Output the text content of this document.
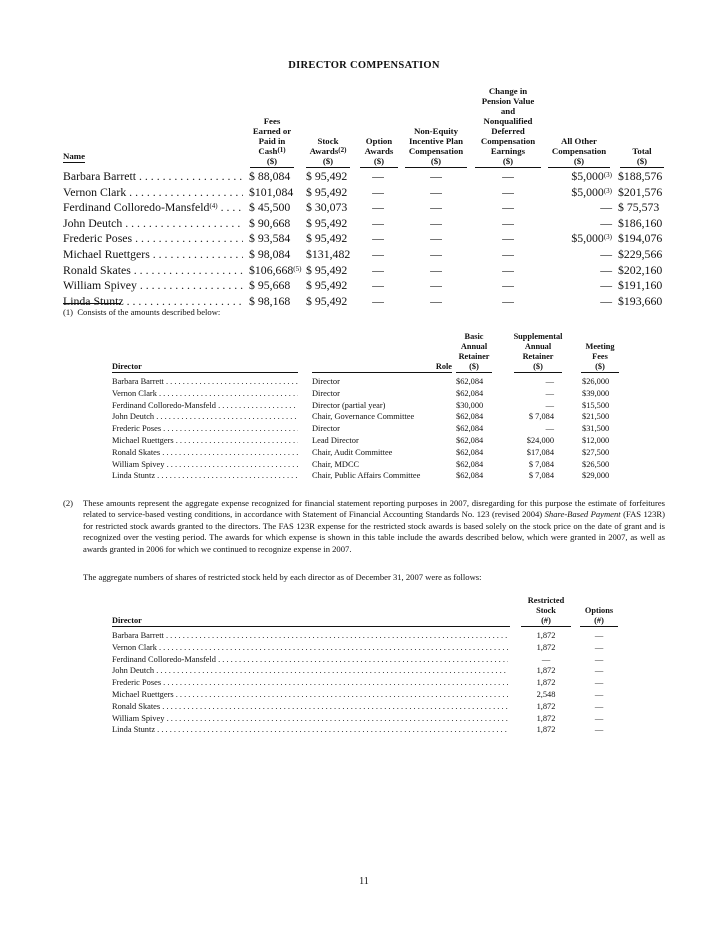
DIRECTOR COMPENSATION
Name
Fees
Earned or
Paid in
Cash$^{(1)}$
($)
Stock
Awards$^{(2)}$
($)
Option
Awards
($)
Non-Equity
Incentive Plan
Compensation
($)
Change in
Pension Value
and
Nonqualified
Deferred
Compensation
Earnings
($)
All Other
Compensation
($)
Total
($)
Barbara Barrett . . .	$ 88,084	$ 95,492	—	—	—	$5,000$^{(3)}$ $188,576
Vernon Clark . . .	$101,084	$ 95,492	—	—	—	$5,000$^{(3)}$ $201,576
Ferdinand Colloredo-Mansfeld$^{(4)}$ . . .	$ 45,500	$ 30,073	—	—	—	— $ 75,573
John Deutch . . .	$ 90,668	$ 95,492	—	—	—	— $186,160
Frederic Poses . . .	$ 93,584	$ 95,492	—	—	—	$5,000$^{(3)}$ $194,076
Michael Ruettgers . . .	$ 98,084	$131,482	—	—	—	— $229,566
Ronald Skates . . .	$106,668$^{(5)}$ $ 95,492	—	—	—	— $202,160
William Spivey . . .	$ 95,668	$ 95,492	—	—	—	— $191,160
Linda Stuntz . . .	$ 98,168	$ 95,492	—	—	—	— $193,660
(1) Consists of the amounts described below:
Director	Role
Basic
Annual
Retainer
($)
Supplemental
Annual
Retainer
($)
Meeting
Fees
($)
Barbara Barrett . . .	Director	$62,084	—	$26,000
Vernon Clark . . .	Director	$62,084	—	$39,000
Ferdinand Colloredo-Mansfeld . . .	Director (partial year)	$30,000	—	$15,500
John Deutch . . .	Chair, Governance Committee	$62,084	$ 7,084	$21,500
Frederic Poses . . .	Director	$62,084	—	$31,500
Michael Ruettgers . . .	Lead Director	$62,084	$24,000	$12,000
Ronald Skates . . .	Chair, Audit Committee	$62,084	$17,084	$27,500
William Spivey . . .	Chair, MDCC	$62,084	$ 7,084	$26,500
Linda Stuntz . . .	Chair, Public Affairs Committee	$62,084	$ 7,084	$29,000
(2) These amounts represent the aggregate expense recognized for financial statement reporting purposes in 2007, disregarding for this purpose the estimate of forfeitures related to service-based vesting conditions, in accordance with Statement of Financial Accounting Standards No. 123 (revised 2004) Share-Based Payment (FAS 123R) for restricted stock awards granted to the directors. The FAS 123R expense for the restricted stock awards is based solely on the stock price on the date of grant and is recognized over the vesting period. The awards for which expense is shown in this table include the awards described below, which were granted in 2007, as well as awards granted in 2006 for which we continued to recognize expense in 2007.
The aggregate numbers of shares of restricted stock held by each director as of December 31, 2007 were as follows:
Director
Restricted
Stock
(#)
Options
(#)
Barbara Barrett . . .	1,872	—
Vernon Clark . . .	1,872	—
Ferdinand Colloredo-Mansfeld . . .	—	—
John Deutch . . .	1,872	—
Frederic Poses . . .	1,872	—
Michael Ruettgers . . .	2,548	—
Ronald Skates . . .	1,872	—
William Spivey . . .	1,872	—
Linda Stuntz . . .	1,872	—
11
